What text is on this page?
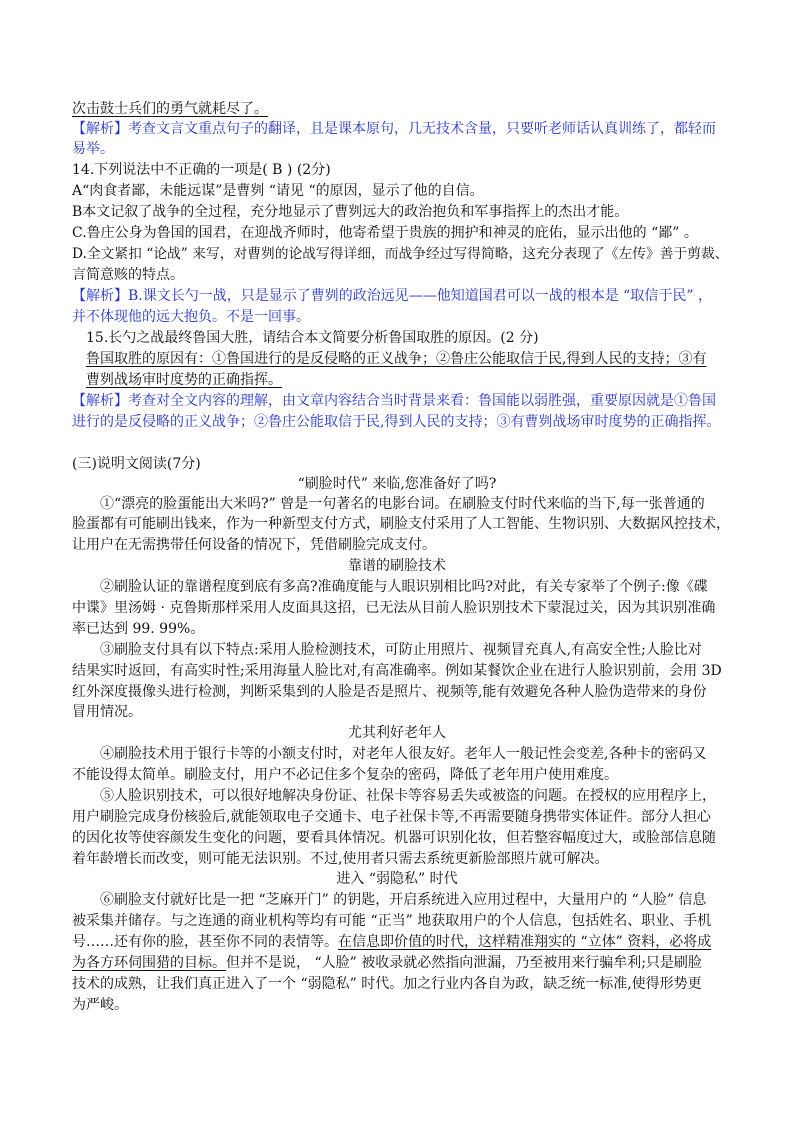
次击鼓士兵们的勇气就耗尽了。
【解析】考查文言文重点句子的翻译，且是课本原句，几无技术含量，只要听老师话认真训练了，都轻而
易举。
14.下列说法中不正确的一项是( B ) (2分)
A“肉食者鄙，未能远谋”是曹刿 “请见 “的原因，显示了他的自信。
B本文记叙了战争的全过程，充分地显示了曹刿远大的政治抱负和军事指挥上的杰出才能。
C.鲁庄公身为鲁国的国君，在迎战齐师时，他寄希望于贵族的拥护和神灵的庇佑，显示出他的 “鄙” 。
D.全文紧扣 “论战” 来写，对曹刿的论战写得详细，而战争经过写得简略，这充分表现了《左传》善于剪裁、
言简意赅的特点。
【解析】B.课文长勺一战，只是显示了曹刿的政治远见——他知道国君可以一战的根本是 “取信于民” ，
并不体现他的远大抱负。不是一回事。
15.长勺之战最终鲁国大胜，请结合本文简要分析鲁国取胜的原因。(2 分)
鲁国取胜的原因有：①鲁国进行的是反侵略的正义战争；②鲁庄公能取信于民,得到人民的支持；③有
曹刿战场审时度势的正确指挥。
【解析】考查对全文内容的理解，由文章内容结合当时背景来看：鲁国能以弱胜强，重要原因就是①鲁国
进行的是反侵略的正义战争；②鲁庄公能取信于民,得到人民的支持；③有曹刿战场审时度势的正确指挥。
(三)说明文阅读(7分)
“刷脸时代” 来临,您准备好了吗?
①“漂亮的脸蛋能出大米吗?” 曾是一句著名的电影台词。在刷脸支付时代来临的当下,每一张普通的
脸蛋都有可能刷出钱来，作为一种新型支付方式，刷脸支付采用了人工智能、生物识别、大数据风控技术，
让用户在无需携带任何设备的情况下，凭借刷脸完成支付。
靠谱的刷脸技术
②刷脸认证的靠谱程度到底有多高?准确度能与人眼识别相比吗?对此，有关专家举了个例子:像《碟
中谍》里汤姆 · 克鲁斯那样采用人皮面具这招，已无法从目前人脸识别技术下蒙混过关，因为其识别准确
率已达到 99. 99%。
③刷脸支付具有以下特点:采用人脸检测技术，可防止用照片、视频冒充真人,有高安全性;人脸比对
结果实时返回，有高实时性;采用海量人脸比对,有高准确率。例如某餐饮企业在进行人脸识别前，会用 3D
红外深度摄像头进行检测，判断采集到的人脸是否是照片、视频等,能有效避免各种人脸伪造带来的身份
冒用情况。
尤其利好老年人
④刷脸技术用于银行卡等的小额支付时，对老年人很友好。老年人一般记性会变差,各种卡的密码又
不能设得太简单。刷脸支付，用户不必记住多个复杂的密码，降低了老年用户使用难度。
⑤人脸识别技术，可以很好地解决身份证、社保卡等容易丢失或被盗的问题。在授权的应用程序上，
用户刷脸完成身份核验后,就能领取电子交通卡、电子社保卡等,不再需要随身携带实体证件。部分人担心
的因化妆等使容颜发生变化的问题，要看具体情况。机器可识别化妆，但若整容幅度过大，或脸部信息随
着年龄增长而改变，则可能无法识别。不过,使用者只需去系统更新脸部照片就可解决。
进入 “弱隐私” 时代
⑥刷脸支付就好比是一把 “芝麻开门” 的钥匙，开启系统进入应用过程中，大量用户的 “人脸” 信息
被采集并储存。与之连通的商业机构等均有可能 “正当” 地获取用户的个人信息，包括姓名、职业、手机
号……还有你的脸，甚至你不同的表情等。在信息即价值的时代，这样精准翔实的 “立体” 资料，必将成
为各方环伺围猎的目标。但并不是说， “人脸” 被收录就必然指向泄漏，乃至被用来行骗牟利;只是刷脸
技术的成熟，让我们真正进入了一个 “弱隐私” 时代。加之行业内各自为政，缺乏统一标准,使得形势更
为严峻。
